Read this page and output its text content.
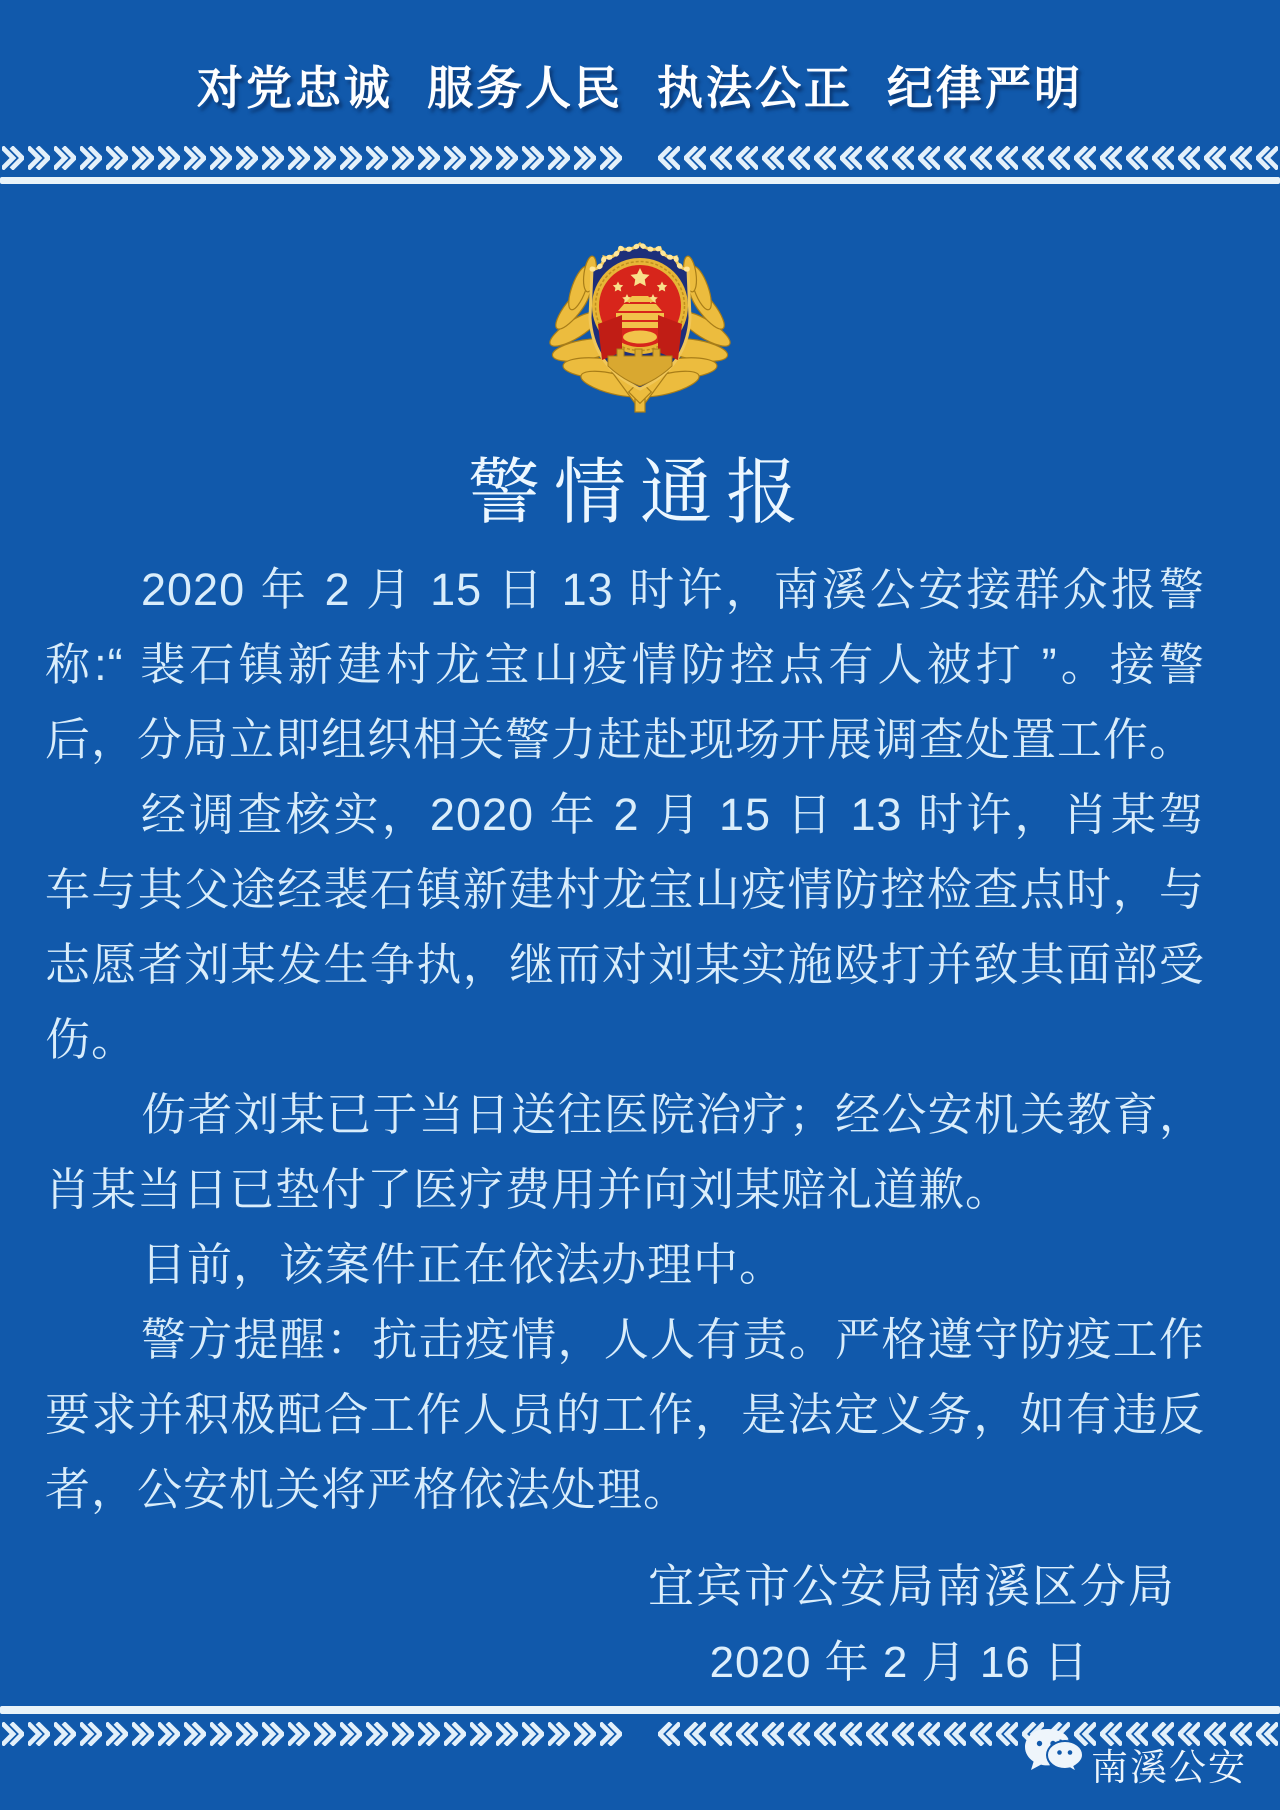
对党忠诚 服务人民 执法公正 纪律严明
警情通报

2020 年 2 月 15 日 13 时许，南溪公安接群众报警称:“ 裴石镇新建村龙宝山疫情防控点有人被打 ”。接警后，分局立即组织相关警力赶赴现场开展调查处置工作。

经调查核实，2020 年 2 月 15 日 13 时许，肖某驾车与其父途经裴石镇新建村龙宝山疫情防控检查点时，与志愿者刘某发生争执，继而对刘某实施殴打并致其面部受伤。

伤者刘某已于当日送往医院治疗；经公安机关教育，肖某当日已垫付了医疗费用并向刘某赔礼道歉。

目前，该案件正在依法办理中。

警方提醒：抗击疫情，人人有责。严格遵守防疫工作要求并积极配合工作人员的工作，是法定义务，如有违反者，公安机关将严格依法处理。

宜宾市公安局南溪区分局
2020 年 2 月 16 日
南溪公安
